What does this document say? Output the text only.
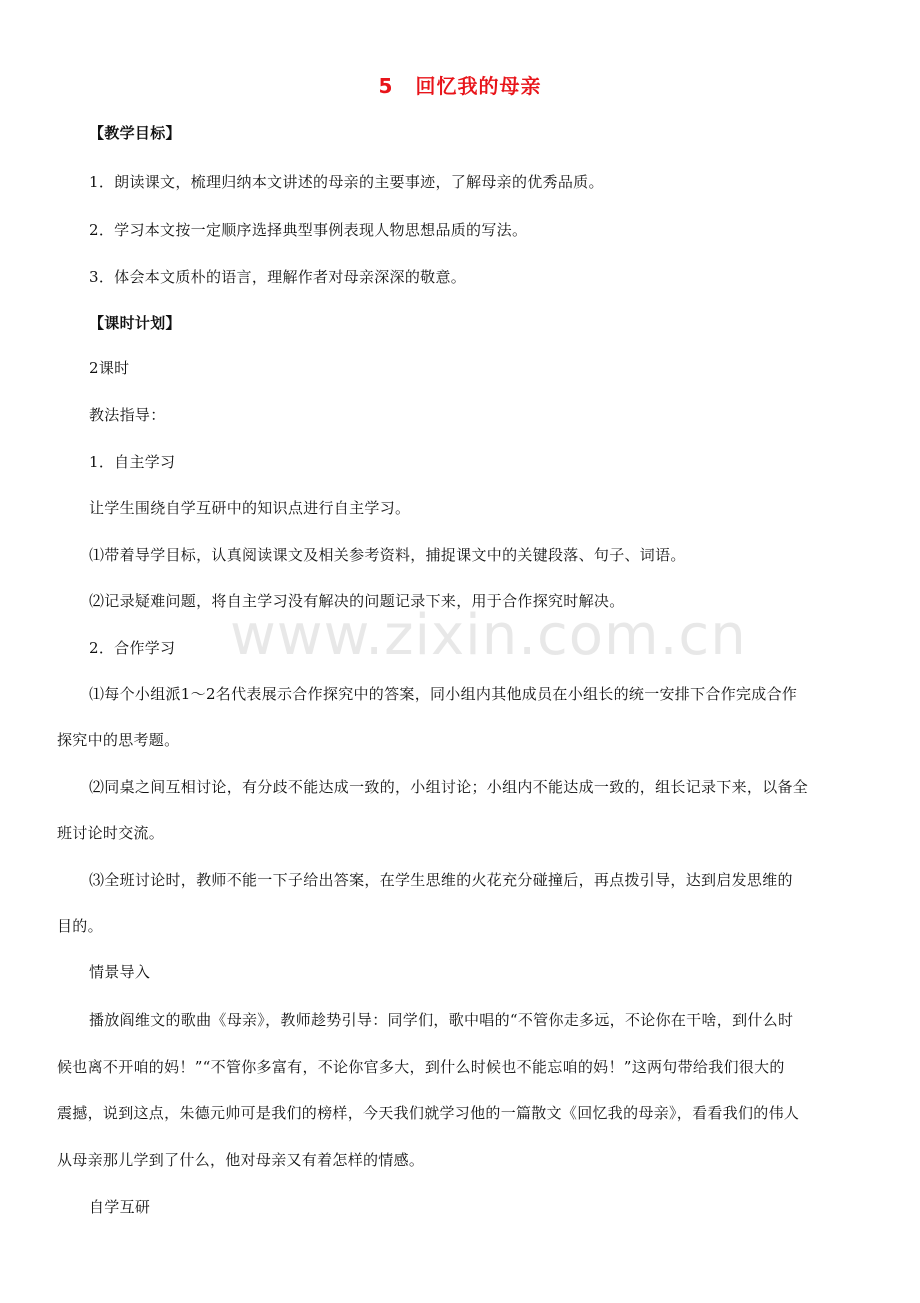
5 回忆我的母亲
【教学目标】
1．朗读课文，梳理归纳本文讲述的母亲的主要事迹，了解母亲的优秀品质。
2．学习本文按一定顺序选择典型事例表现人物思想品质的写法。
3．体会本文质朴的语言，理解作者对母亲深深的敬意。
【课时计划】
2课时
教法指导：
1．自主学习
让学生围绕自学互研中的知识点进行自主学习。
⑴带着导学目标，认真阅读课文及相关参考资料，捕捉课文中的关键段落、句子、词语。
⑵记录疑难问题，将自主学习没有解决的问题记录下来，用于合作探究时解决。
www.zixin.com.cn
2．合作学习
⑴每个小组派1～2名代表展示合作探究中的答案，同小组内其他成员在小组长的统一安排下合作完成合作
探究中的思考题。
⑵同桌之间互相讨论，有分歧不能达成一致的，小组讨论；小组内不能达成一致的，组长记录下来，以备全
班讨论时交流。
⑶全班讨论时，教师不能一下子给出答案，在学生思维的火花充分碰撞后，再点拨引导，达到启发思维的
目的。
情景导入
播放阎维文的歌曲《母亲》，教师趁势引导：同学们，歌中唱的“不管你走多远，不论你在干啥，到什么时
候也离不开咱的妈！”“不管你多富有，不论你官多大，到什么时候也不能忘咱的妈！”这两句带给我们很大的
震撼，说到这点，朱德元帅可是我们的榜样，今天我们就学习他的一篇散文《回忆我的母亲》，看看我们的伟人
从母亲那儿学到了什么，他对母亲又有着怎样的情感。
自学互研
